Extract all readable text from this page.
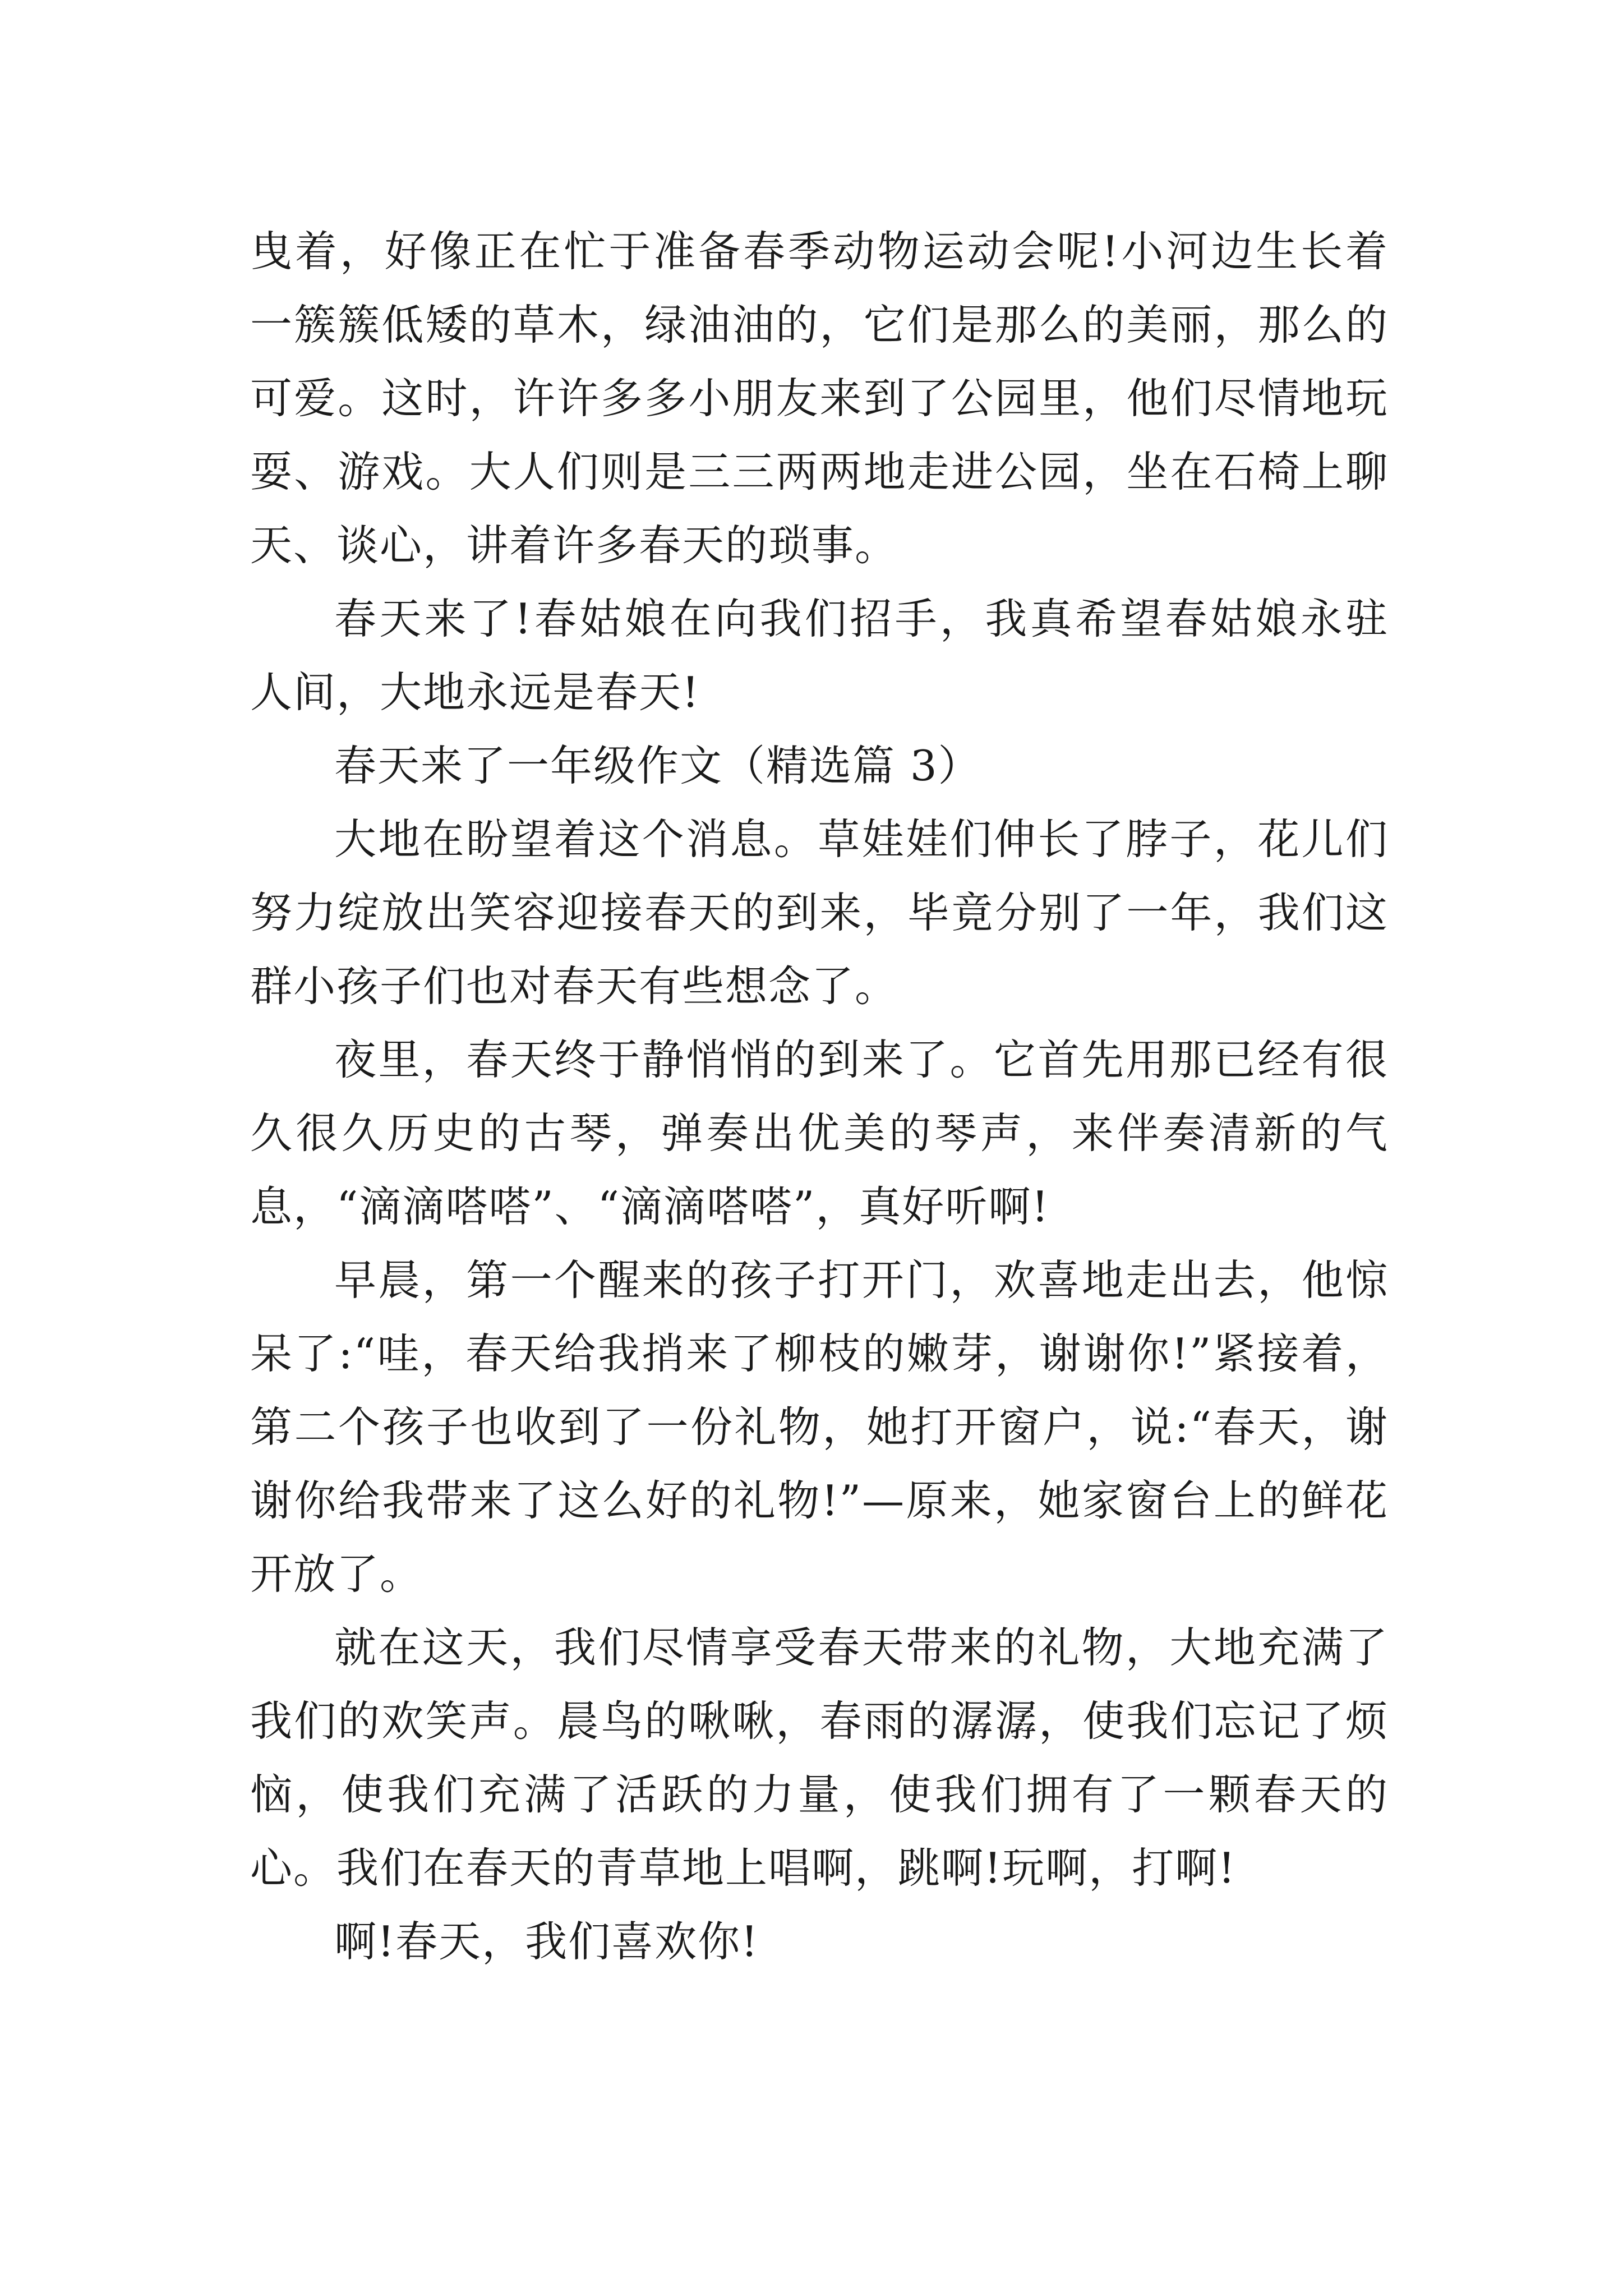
曳着，好像正在忙于准备春季动物运动会呢!小河边生长着一簇簇低矮的草木，绿油油的，它们是那么的美丽，那么的可爱。这时，许许多多小朋友来到了公园里，他们尽情地玩耍、游戏。大人们则是三三两两地走进公园，坐在石椅上聊天、谈心，讲着许多春天的琐事。

春天来了!春姑娘在向我们招手，我真希望春姑娘永驻人间，大地永远是春天!

春天来了一年级作文（精选篇 3）

大地在盼望着这个消息。草娃娃们伸长了脖子，花儿们努力绽放出笑容迎接春天的到来，毕竟分别了一年，我们这群小孩子们也对春天有些想念了。

夜里，春天终于静悄悄的到来了。它首先用那已经有很久很久历史的古琴，弹奏出优美的琴声，来伴奏清新的气息，“滴滴嗒嗒”、“滴滴嗒嗒”，真好听啊!

早晨，第一个醒来的孩子打开门，欢喜地走出去，他惊呆了:“哇，春天给我捎来了柳枝的嫩芽，谢谢你!”紧接着，第二个孩子也收到了一份礼物，她打开窗户，说:“春天，谢谢你给我带来了这么好的礼物!”—原来，她家窗台上的鲜花开放了。

就在这天，我们尽情享受春天带来的礼物，大地充满了我们的欢笑声。晨鸟的啾啾，春雨的潺潺，使我们忘记了烦恼，使我们充满了活跃的力量，使我们拥有了一颗春天的心。我们在春天的青草地上唱啊，跳啊!玩啊，打啊!

啊!春天，我们喜欢你!
